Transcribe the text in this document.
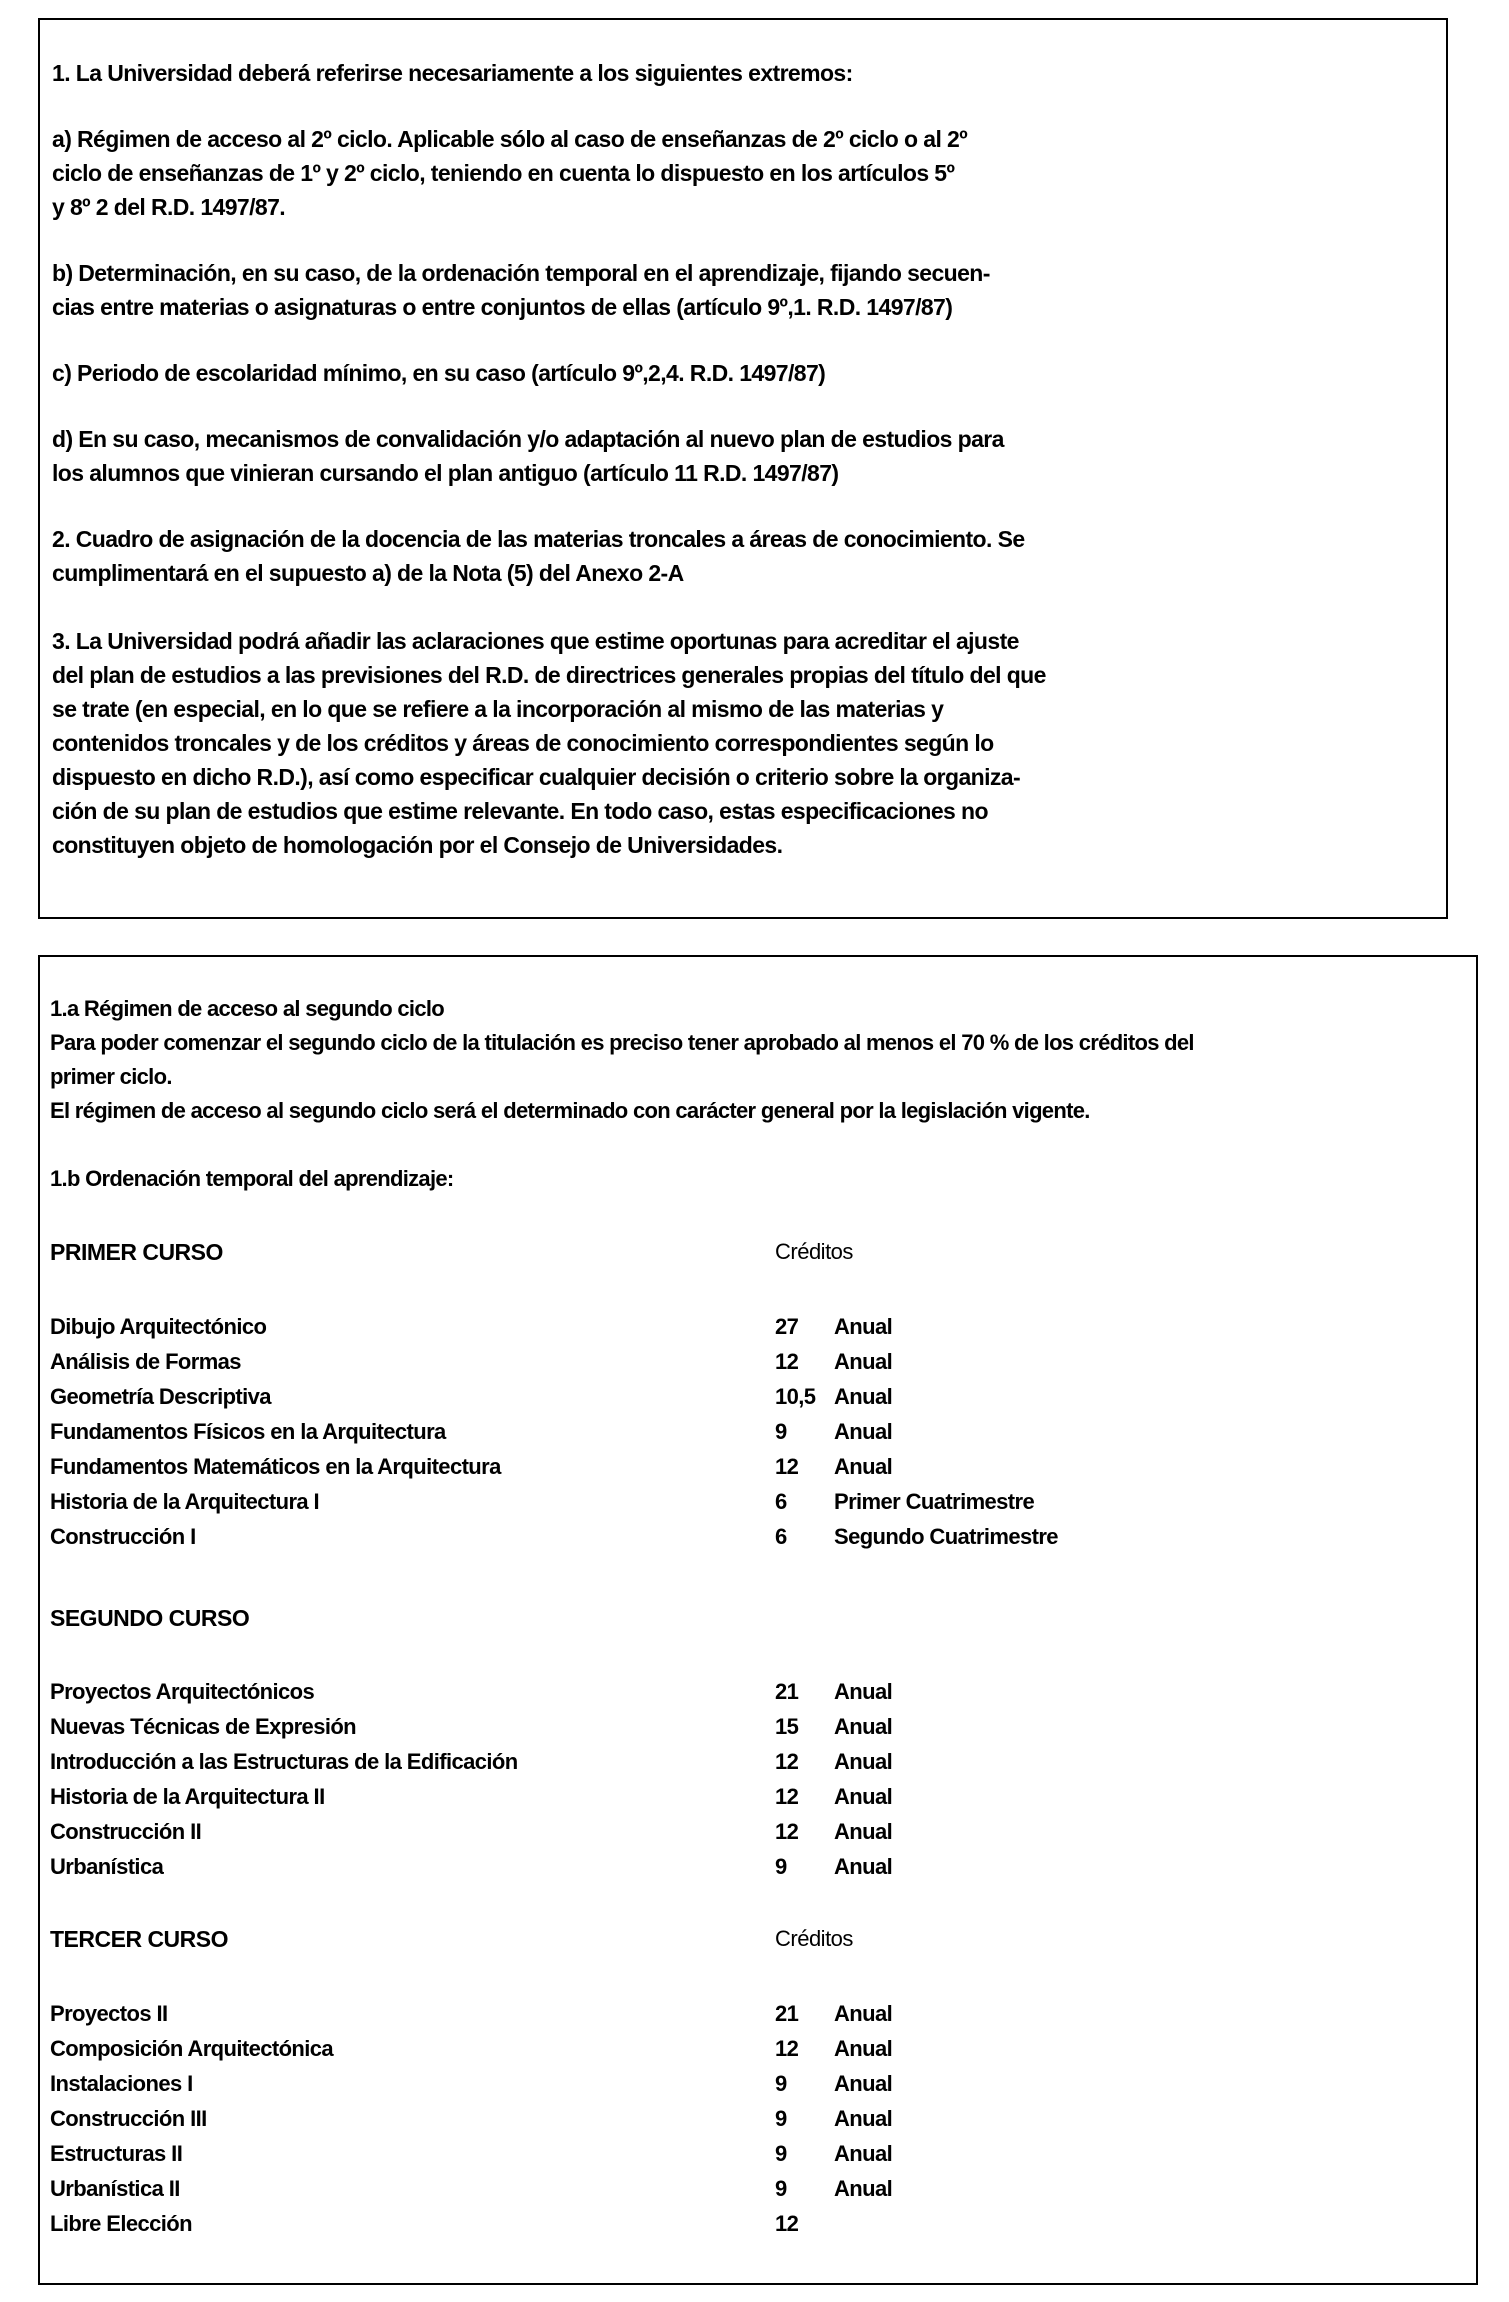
1. La Universidad deberá referirse necesariamente a los siguientes extremos:

a) Régimen de acceso al 2º ciclo. Aplicable sólo al caso de enseñanzas de 2º ciclo o al 2º

ciclo de enseñanzas de 1º y 2º ciclo, teniendo en cuenta lo dispuesto en los artículos 5º

y 8º 2 del R.D. 1497/87.

b) Determinación, en su caso, de la ordenación temporal en el aprendizaje, fijando secuen-

cias entre materias o asignaturas o entre conjuntos de ellas (artículo 9º,1. R.D. 1497/87)

c) Periodo de escolaridad mínimo, en su caso (artículo 9º,2,4. R.D. 1497/87)

d) En su caso, mecanismos de convalidación y/o adaptación al nuevo plan de estudios para

los alumnos que vinieran cursando el plan antiguo (artículo 11 R.D. 1497/87)

2. Cuadro de asignación de la docencia de las materias troncales a áreas de conocimiento. Se

cumplimentará en el supuesto a) de la Nota (5) del Anexo 2-A

3. La Universidad podrá añadir las aclaraciones que estime oportunas para acreditar el ajuste

del plan de estudios a las previsiones del R.D. de directrices generales propias del título del que

se trate (en especial, en lo que se refiere a la incorporación al mismo de las materias y

contenidos troncales y de los créditos y áreas de conocimiento correspondientes según lo

dispuesto en dicho R.D.), así como especificar cualquier decisión o criterio sobre la organiza-

ción de su plan de estudios que estime relevante. En todo caso, estas especificaciones no

constituyen objeto de homologación por el Consejo de Universidades.

1.a Régimen de acceso al segundo ciclo

Para poder comenzar el segundo ciclo de la titulación es preciso tener aprobado al menos el 70 % de los créditos del

primer ciclo.

El régimen de acceso al segundo ciclo será el determinado con carácter general por la legislación vigente.

1.b Ordenación temporal del aprendizaje:

PRIMER CURSO	Créditos
Dibujo Arquitectónico	27 Anual
Análisis de Formas	12 Anual
Geometría Descriptiva	10,5 Anual
Fundamentos Físicos en la Arquitectura	9 Anual
Fundamentos Matemáticos en la Arquitectura	12 Anual
Historia de la Arquitectura I	6 Primer Cuatrimestre
Construcción I	6 Segundo Cuatrimestre
SEGUNDO CURSO
Proyectos Arquitectónicos	21 Anual
Nuevas Técnicas de Expresión	15 Anual
Introducción a las Estructuras de la Edificación	12 Anual
Historia de la Arquitectura II	12 Anual
Construcción II	12 Anual
Urbanística	9 Anual
TERCER CURSO	Créditos
Proyectos II	21 Anual
Composición Arquitectónica	12 Anual
Instalaciones I	9 Anual
Construcción III	9 Anual
Estructuras II	9 Anual
Urbanística II	9 Anual
Libre Elección	12
